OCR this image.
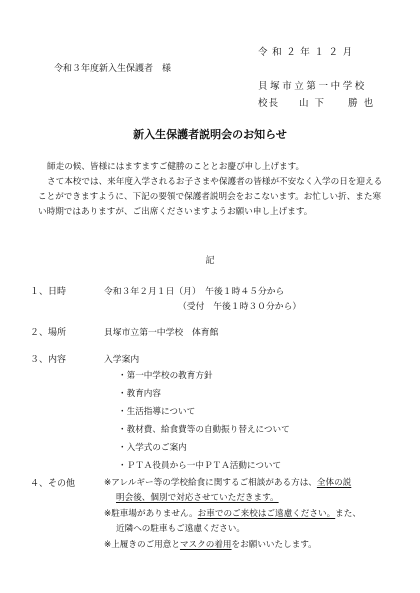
令和２年１２月
令和３年度新入生保護者　様
貝塚市立第一中学校
校長 山下 勝也
新入生保護者説明会のお知らせ
師走の候、皆様にはますますご健勝のこととお慶び申し上げます。
さて本校では、来年度入学されるお子さまや保護者の皆様が不安なく入学の日を迎えることができますように、下記の要領で保護者説明会をおこないます。お忙しい折、また寒い時期ではありますが、ご出席くださいますようお願い申し上げます。
記
１、日時	令和３年２月１日（月）　午後１時４５分から
（受付　午後１時３０分から）
２、場所	貝塚市立第一中学校　体育館
３、内容	入学案内
・第一中学校の教育方針
・教育内容
・生活指導について
・教材費、給食費等の自動振り替えについて
・入学式のご案内
・ＰＴＡ役員から一中ＰＴＡ活動について
４、その他	※アレルギー等の学校給食に関するご相談がある方は、全体の説
明会後、個別で対応させていただきます。
※駐車場がありません。お車でのご来校はご遠慮ください。また、
近隣への駐車もご遠慮ください。
※上履きのご用意とマスクの着用をお願いいたします。
